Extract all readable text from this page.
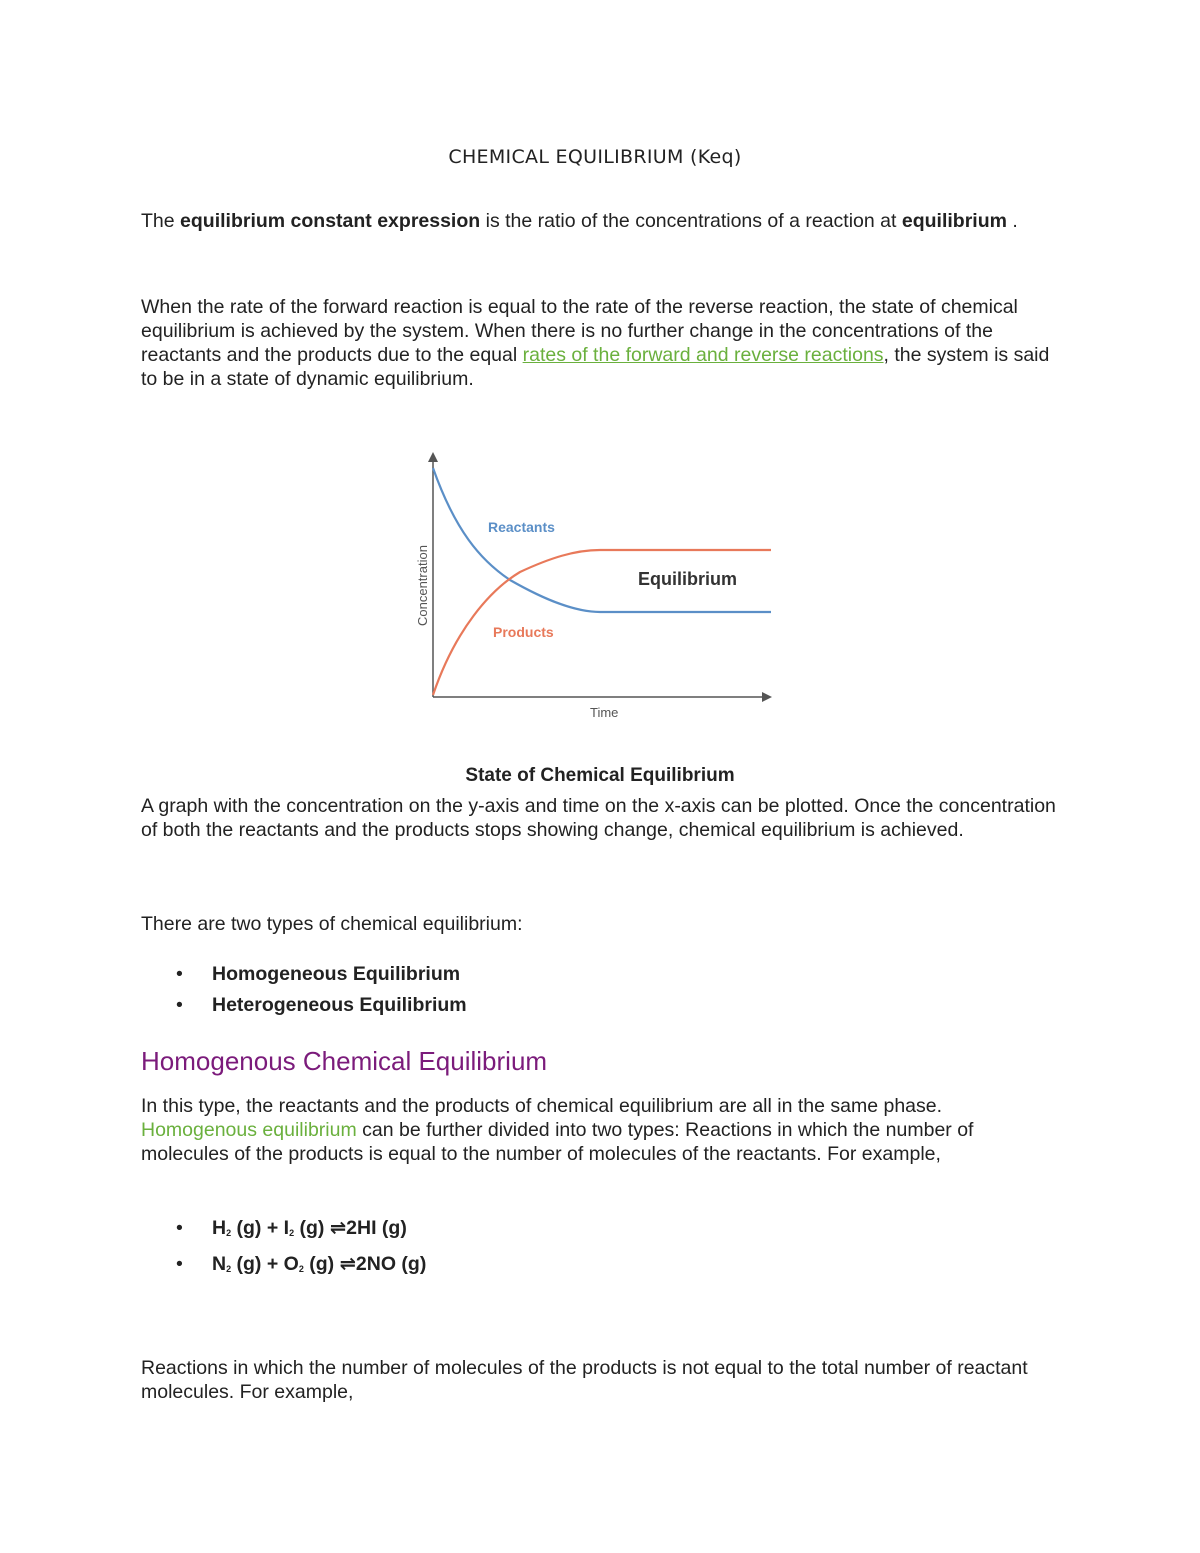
CHEMICAL EQUILIBRIUM (Keq)
The equilibrium constant expression is the ratio of the concentrations of a reaction at equilibrium .
When the rate of the forward reaction is equal to the rate of the reverse reaction, the state of chemical equilibrium is achieved by the system. When there is no further change in the concentrations of the reactants and the products due to the equal rates of the forward and reverse reactions, the system is said to be in a state of dynamic equilibrium.
Reactants
Products
Equilibrium
Time
Concentration
State of Chemical Equilibrium
A graph with the concentration on the y-axis and time on the x-axis can be plotted. Once the concentration of both the reactants and the products stops showing change, chemical equilibrium is achieved.
There are two types of chemical equilibrium:
• Homogeneous Equilibrium
• Heterogeneous Equilibrium
Homogenous Chemical Equilibrium
In this type, the reactants and the products of chemical equilibrium are all in the same phase. Homogenous equilibrium can be further divided into two types: Reactions in which the number of molecules of the products is equal to the number of molecules of the reactants. For example,
• $H_2$ $(g) + I_2$ (g) ⇌2HI (g)
• $N_2$ $(g) + O_2$ (g) ⇌2NO (g)
Reactions in which the number of molecules of the products is not equal to the total number of reactant molecules. For example,
